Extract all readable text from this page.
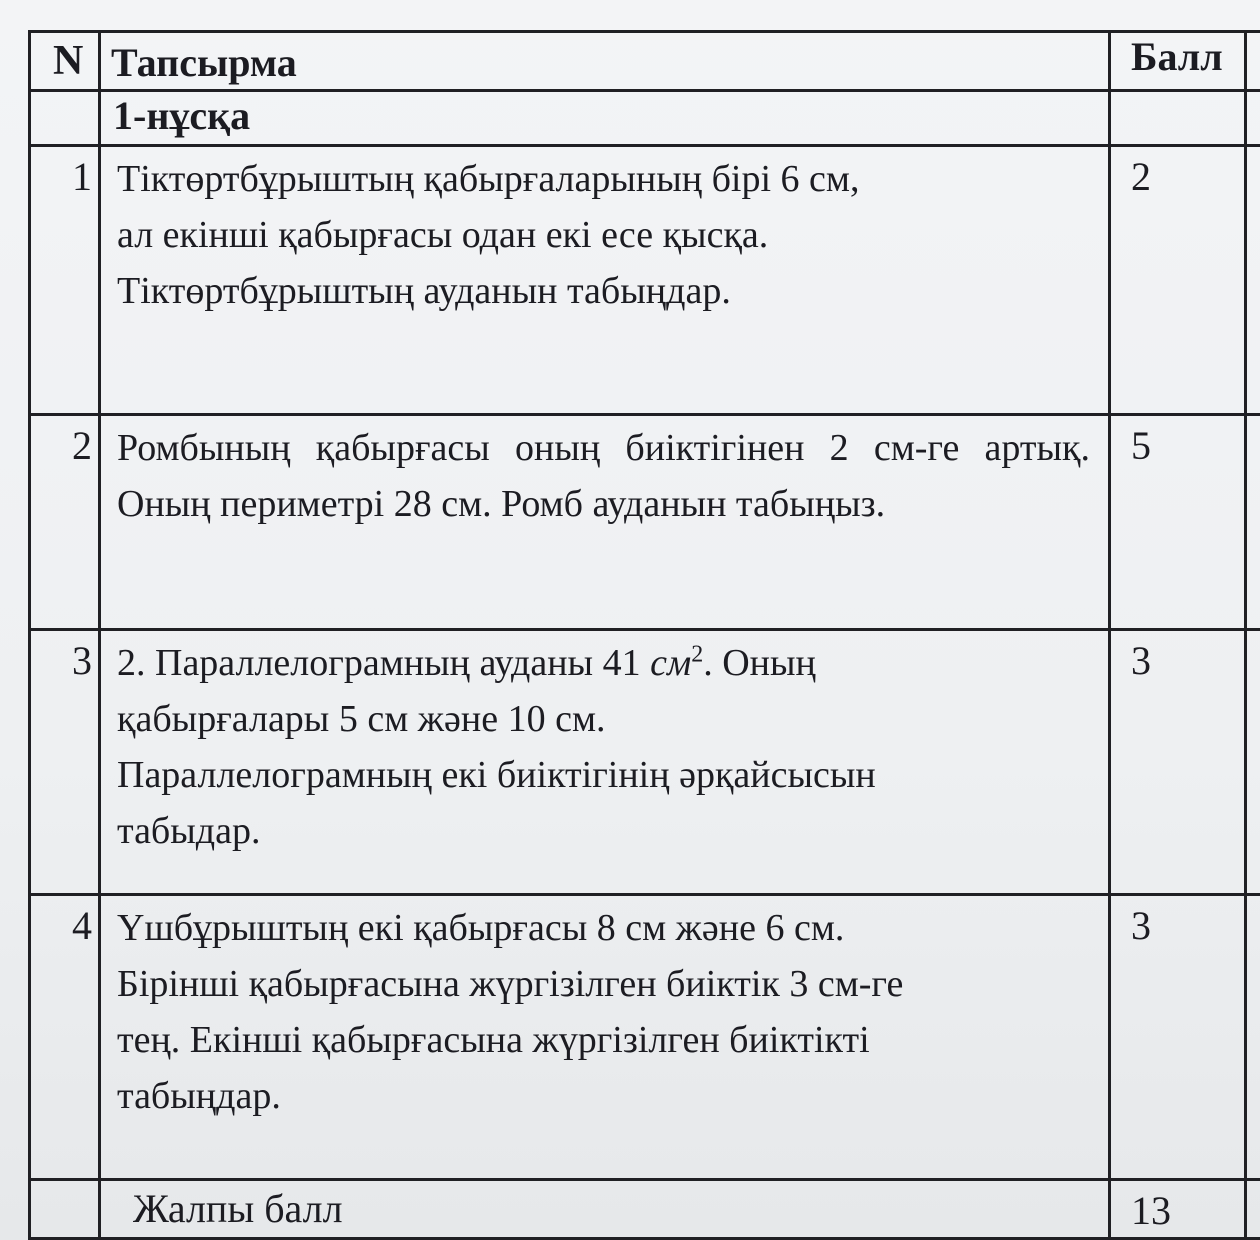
N	Тапсырма	Балл	
	1-нұсқа		
1	Тіктөртбұрыштың қабырғаларының бірі 6 см,
ал екінші қабырғасы одан екі есе қысқа.
Тіктөртбұрыштың ауданын табыңдар.	2	
2	Ромбының қабырғасы оның биіктігінен 2 см-ге артық. Оның периметрі 28 см. Ромб ауданын табыңыз.	5	
3	2. Параллелограмның ауданы 41 $см^2$. Оның
қабырғалары 5 см және 10 см.
Параллелограмның екі биіктігінің әрқайсысын
табыдар.	3	
4	Үшбұрыштың екі қабырғасы 8 см және 6 см.
Бірінші қабырғасына жүргізілген биіктік 3 см-ге
тең. Екінші қабырғасына жүргізілген биіктікті
табыңдар.	3	
	Жалпы балл	13	
